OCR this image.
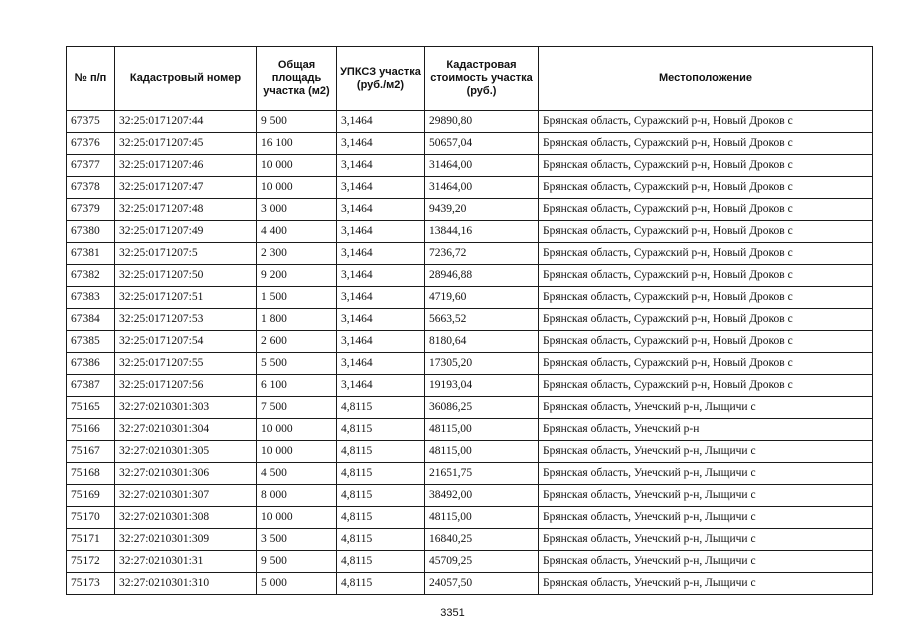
№ п/п	Кадастровый номер	Общая площадь участка (м2)	УПКСЗ участка (руб./м2)	Кадастровая стоимость участка (руб.)	Местоположение
67375	32:25:0171207:44	9 500	3,1464	29890,80	Брянская область, Суражский р-н, Новый Дроков с
67376	32:25:0171207:45	16 100	3,1464	50657,04	Брянская область, Суражский р-н, Новый Дроков с
67377	32:25:0171207:46	10 000	3,1464	31464,00	Брянская область, Суражский р-н, Новый Дроков с
67378	32:25:0171207:47	10 000	3,1464	31464,00	Брянская область, Суражский р-н, Новый Дроков с
67379	32:25:0171207:48	3 000	3,1464	9439,20	Брянская область, Суражский р-н, Новый Дроков с
67380	32:25:0171207:49	4 400	3,1464	13844,16	Брянская область, Суражский р-н, Новый Дроков с
67381	32:25:0171207:5	2 300	3,1464	7236,72	Брянская область, Суражский р-н, Новый Дроков с
67382	32:25:0171207:50	9 200	3,1464	28946,88	Брянская область, Суражский р-н, Новый Дроков с
67383	32:25:0171207:51	1 500	3,1464	4719,60	Брянская область, Суражский р-н, Новый Дроков с
67384	32:25:0171207:53	1 800	3,1464	5663,52	Брянская область, Суражский р-н, Новый Дроков с
67385	32:25:0171207:54	2 600	3,1464	8180,64	Брянская область, Суражский р-н, Новый Дроков с
67386	32:25:0171207:55	5 500	3,1464	17305,20	Брянская область, Суражский р-н, Новый Дроков с
67387	32:25:0171207:56	6 100	3,1464	19193,04	Брянская область, Суражский р-н, Новый Дроков с
75165	32:27:0210301:303	7 500	4,8115	36086,25	Брянская область, Унечский р-н, Лыщичи с
75166	32:27:0210301:304	10 000	4,8115	48115,00	Брянская область, Унечский р-н
75167	32:27:0210301:305	10 000	4,8115	48115,00	Брянская область, Унечский р-н, Лыщичи с
75168	32:27:0210301:306	4 500	4,8115	21651,75	Брянская область, Унечский р-н, Лыщичи с
75169	32:27:0210301:307	8 000	4,8115	38492,00	Брянская область, Унечский р-н, Лыщичи с
75170	32:27:0210301:308	10 000	4,8115	48115,00	Брянская область, Унечский р-н, Лыщичи с
75171	32:27:0210301:309	3 500	4,8115	16840,25	Брянская область, Унечский р-н, Лыщичи с
75172	32:27:0210301:31	9 500	4,8115	45709,25	Брянская область, Унечский р-н, Лыщичи с
75173	32:27:0210301:310	5 000	4,8115	24057,50	Брянская область, Унечский р-н, Лыщичи с
3351
